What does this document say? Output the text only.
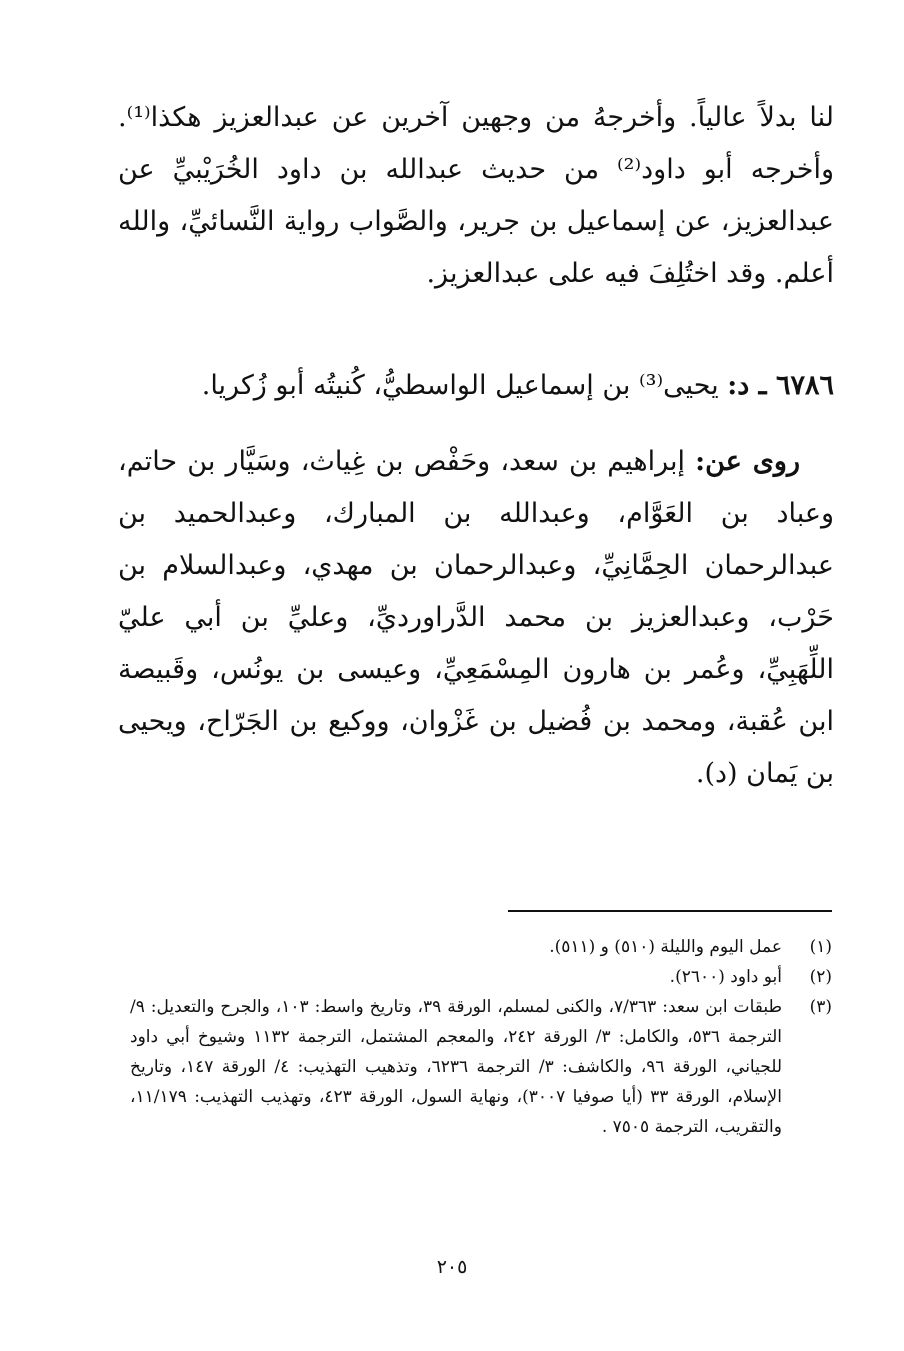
لنا بدلاً عالياً. وأخرجهُ من وجهين آخرين عن عبدالعزيز هكذا⁽¹⁾. وأخرجه أبو داود⁽²⁾ من حديث عبدالله بن داود الخُرَيْبيِّ عن عبدالعزيز، عن إسماعيل بن جرير، والصَّواب رواية النَّسائيِّ، والله أعلم. وقد اختُلِفَ فيه على عبدالعزيز.

٦٧٨٦ ـ د: يحيى⁽³⁾ بن إسماعيل الواسطيُّ، كُنيتُه أبو زُكريا.

روى عن: إبراهيم بن سعد، وحَفْص بن غِياث، وسَيَّار بن حاتم، وعباد بن العَوَّام، وعبدالله بن المبارك، وعبدالحميد بن عبدالرحمان الحِمَّانِيِّ، وعبدالرحمان بن مهدي، وعبدالسلام بن حَرْب، وعبدالعزيز بن محمد الدَّراورديِّ، وعليِّ بن أبي عليّ اللِّهَبِيِّ، وعُمر بن هارون المِسْمَعِيِّ، وعيسى بن يونُس، وقَبيصة ابن عُقبة، ومحمد بن فُضيل بن غَزْوان، ووكيع بن الجَرّاح، ويحيى بن يَمان (د).

(١)
عمل اليوم والليلة (٥١٠) و (٥١١).
(٢)
أبو داود (٢٦٠٠).
(٣)
طبقات ابن سعد: ٧/٣٦٣، والكنى لمسلم، الورقة ٣٩، وتاريخ واسط: ١٠٣، والجرح والتعديل: ٩/ الترجمة ٥٣٦، والكامل: ٣/ الورقة ٢٤٢، والمعجم المشتمل، الترجمة ١١٣٢ وشيوخ أبي داود للجياني، الورقة ٩٦، والكاشف: ٣/ الترجمة ٦٢٣٦، وتذهيب التهذيب: ٤/ الورقة ١٤٧، وتاريخ الإسلام، الورقة ٣٣ (أيا صوفيا ٣٠٠٧)، ونهاية السول، الورقة ٤٢٣، وتهذيب التهذيب: ١١/١٧٩، والتقريب، الترجمة ٧٥٠٥ .
٢٠٥
